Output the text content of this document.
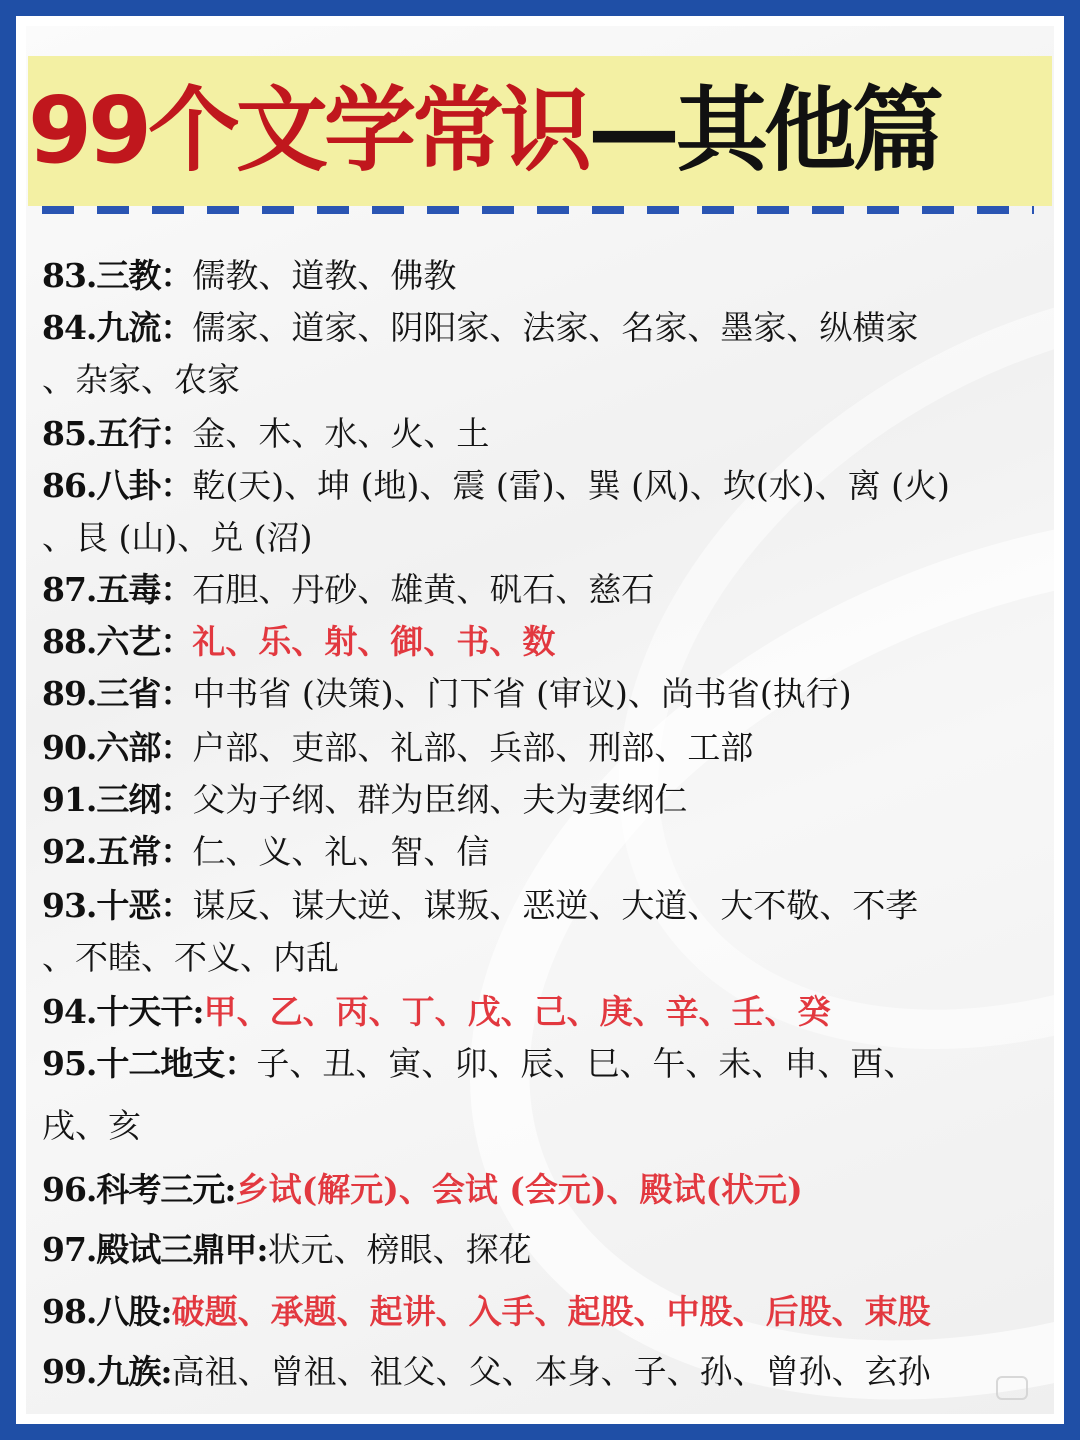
99个文学常识—其他篇
83.三教：儒教、道教、佛教
84.九流：儒家、道家、阴阳家、法家、名家、墨家、纵横家
、杂家、农家
85.五行：金、木、水、火、土
86.八卦：乾(天)、坤 (地)、震 (雷)、巽 (风)、坎(水)、离 (火)
、艮 (山)、兑 (沼)
87.五毒：石胆、丹砂、雄黄、矾石、慈石
88.六艺：礼、乐、射、御、书、数
89.三省：中书省 (决策)、门下省 (审议)、尚书省(执行)
90.六部：户部、吏部、礼部、兵部、刑部、工部
91.三纲：父为子纲、群为臣纲、夫为妻纲仁
92.五常：仁、义、礼、智、信
93.十恶：谋反、谋大逆、谋叛、恶逆、大道、大不敬、不孝
、不睦、不义、内乱
94.十天干:甲、乙、丙、丁、戊、己、庚、辛、壬、癸
95.十二地支：子、丑、寅、卯、辰、巳、午、未、申、酉、
戌、亥
96.科考三元:乡试(解元)、会试 (会元)、殿试(状元)
97.殿试三鼎甲:状元、榜眼、探花
98.八股:破题、承题、起讲、入手、起股、中股、后股、束股
99.九族:高祖、曾祖、祖父、父、本身、子、孙、曾孙、玄孙
